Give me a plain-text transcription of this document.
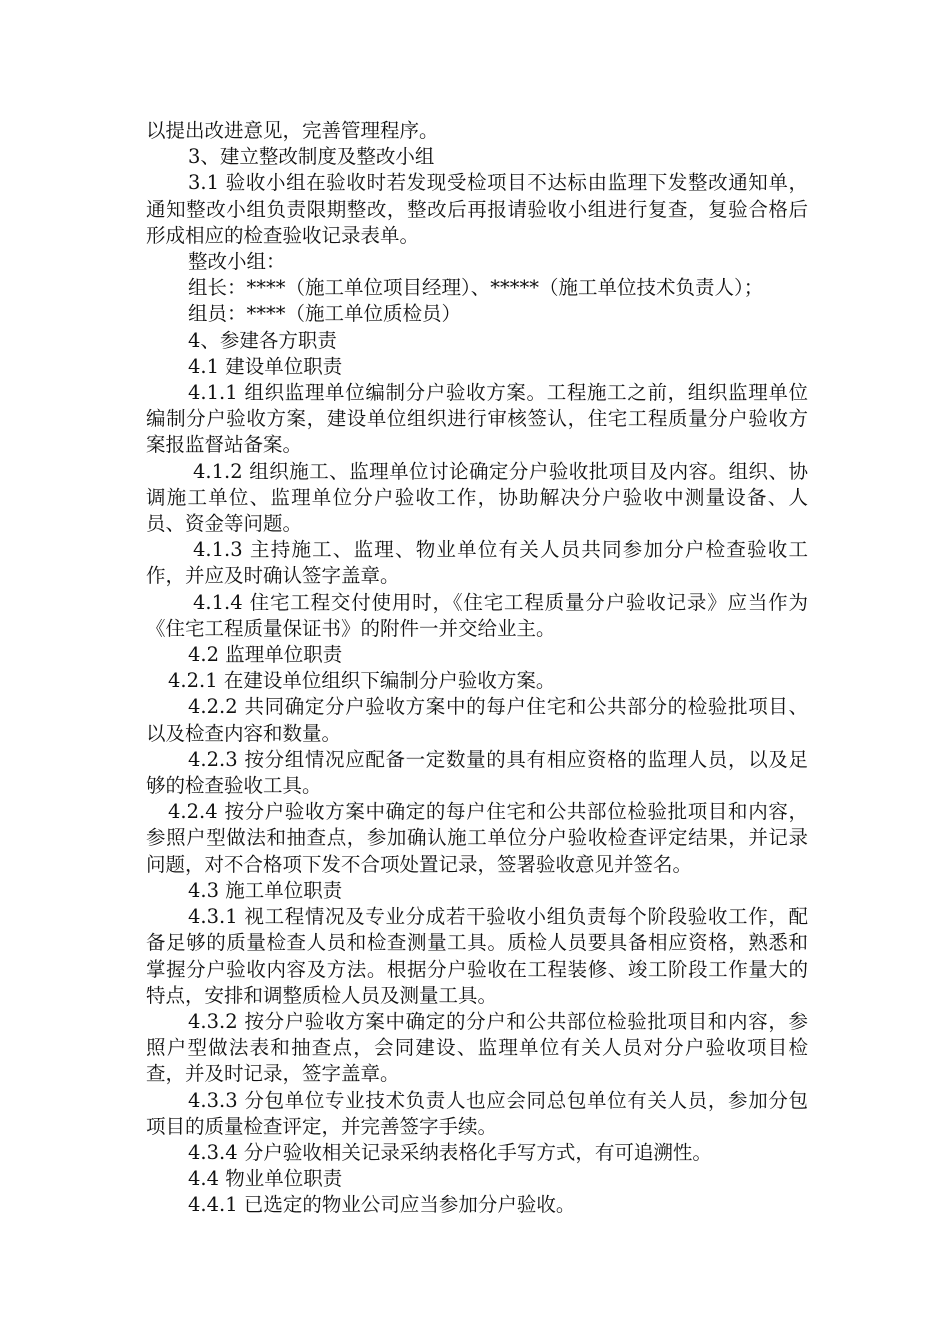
以提出改进意见，完善管理程序。

3、建立整改制度及整改小组

3.1 验收小组在验收时若发现受检项目不达标由监理下发整改通知单，通知整改小组负责限期整改，整改后再报请验收小组进行复查，复验合格后形成相应的检查验收记录表单。

整改小组：

组长：****（施工单位项目经理）、*****（施工单位技术负责人）；

组员：****（施工单位质检员）

4、参建各方职责

4.1 建设单位职责

4.1.1 组织监理单位编制分户验收方案。工程施工之前，组织监理单位编制分户验收方案，建设单位组织进行审核签认，住宅工程质量分户验收方案报监督站备案。

4.1.2 组织施工、监理单位讨论确定分户验收批项目及内容。组织、协调施工单位、监理单位分户验收工作，协助解决分户验收中测量设备、人员、资金等问题。

4.1.3 主持施工、监理、物业单位有关人员共同参加分户检查验收工作，并应及时确认签字盖章。

4.1.4 住宅工程交付使用时，《住宅工程质量分户验收记录》应当作为《住宅工程质量保证书》的附件一并交给业主。

4.2 监理单位职责

4.2.1 在建设单位组织下编制分户验收方案。

4.2.2 共同确定分户验收方案中的每户住宅和公共部分的检验批项目、以及检查内容和数量。

4.2.3 按分组情况应配备一定数量的具有相应资格的监理人员，以及足够的检查验收工具。

4.2.4 按分户验收方案中确定的每户住宅和公共部位检验批项目和内容，参照户型做法和抽查点，参加确认施工单位分户验收检查评定结果，并记录问题，对不合格项下发不合项处置记录，签署验收意见并签名。

4.3 施工单位职责

4.3.1 视工程情况及专业分成若干验收小组负责每个阶段验收工作，配备足够的质量检查人员和检查测量工具。质检人员要具备相应资格，熟悉和掌握分户验收内容及方法。根据分户验收在工程装修、竣工阶段工作量大的特点，安排和调整质检人员及测量工具。

4.3.2 按分户验收方案中确定的分户和公共部位检验批项目和内容，参照户型做法表和抽查点，会同建设、监理单位有关人员对分户验收项目检查，并及时记录，签字盖章。

4.3.3 分包单位专业技术负责人也应会同总包单位有关人员，参加分包项目的质量检查评定，并完善签字手续。

4.3.4 分户验收相关记录采纳表格化手写方式，有可追溯性。

4.4 物业单位职责

4.4.1 已选定的物业公司应当参加分户验收。
